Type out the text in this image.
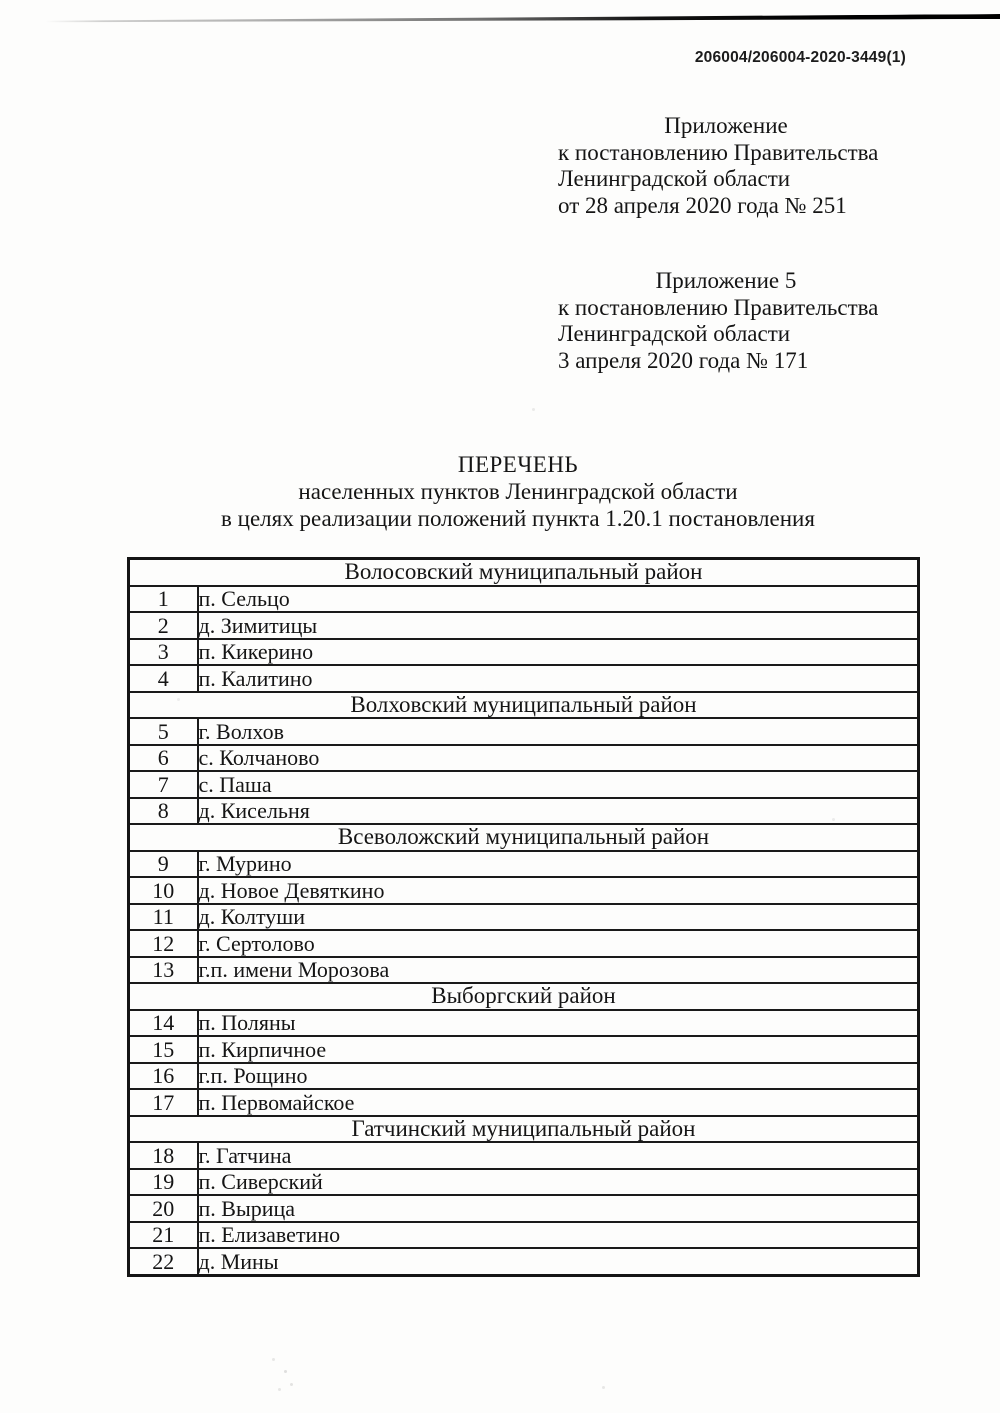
206004/206004-2020-3449(1)
Приложение
к постановлению Правительства
Ленинградской области
от 28 апреля 2020 года № 251
Приложение 5
к постановлению Правительства
Ленинградской области
3 апреля 2020 года № 171
ПЕРЕЧЕНЬ
населенных пунктов Ленинградской области
в целях реализации положений пункта 1.20.1 постановления
Волосовский муниципальный район	
1	п. Сельцо
2	д. Зимитицы
3	п. Кикерино
4	п. Калитино
Волховский муниципальный район	
5	г. Волхов
6	с. Колчаново
7	с. Паша
8	д. Кисельня
Всеволожский муниципальный район	
9	г. Мурино
10	д. Новое Девяткино
11	д. Колтуши
12	г. Сертолово
13	г.п. имени Морозова
Выборгский район	
14	п. Поляны
15	п. Кирпичное
16	г.п. Рощино
17	п. Первомайское
Гатчинский муниципальный район	
18	г. Гатчина
19	п. Сиверский
20	п. Вырица
21	п. Елизаветино
22	д. Мины
